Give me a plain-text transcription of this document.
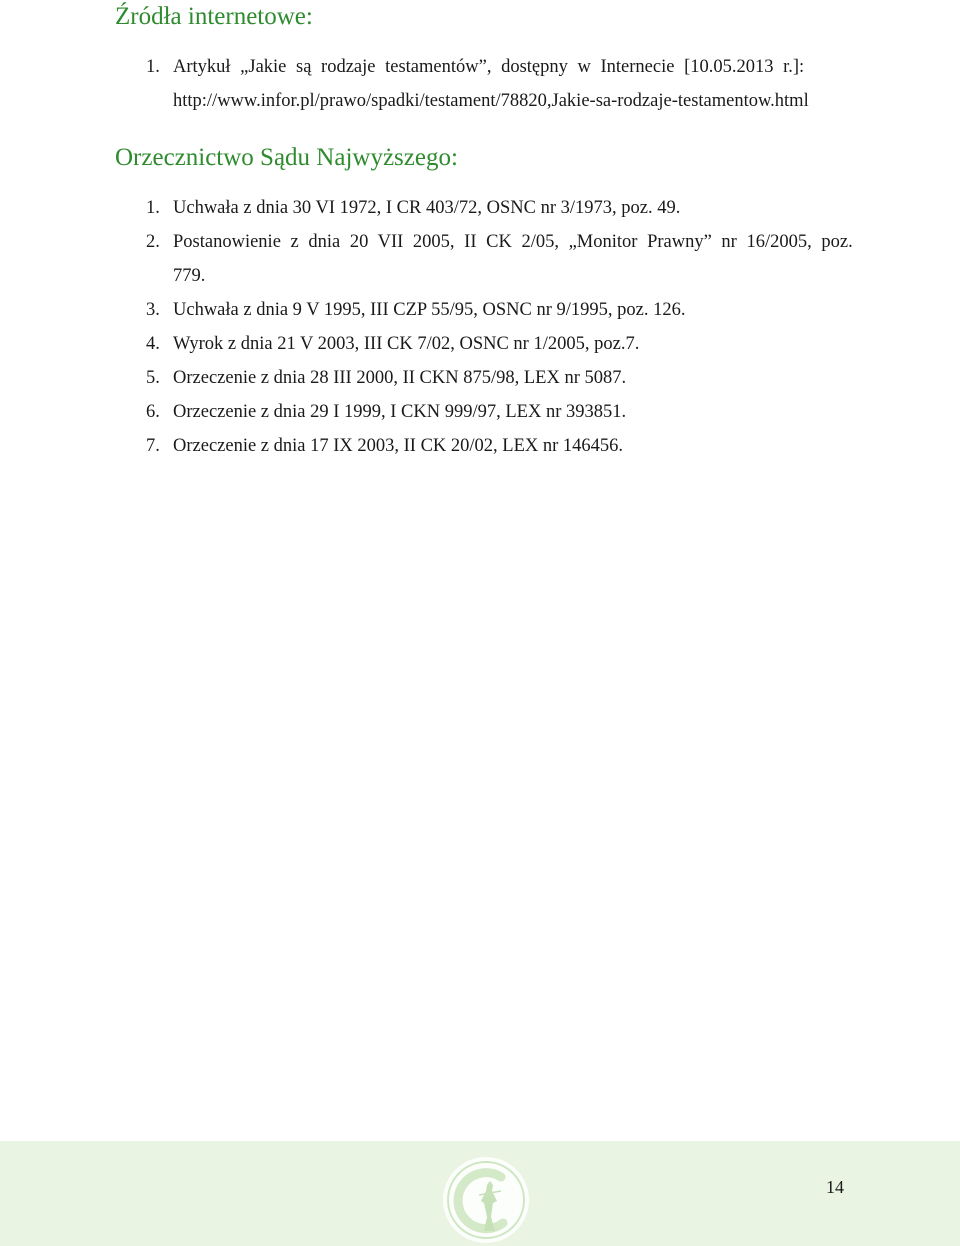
Źródła internetowe:
1. Artykuł „Jakie są rodzaje testamentów”, dostępny w Internecie [10.05.2013 r.]:
http://www.infor.pl/prawo/spadki/testament/78820,Jakie-sa-rodzaje-testamentow.html
Orzecznictwo Sądu Najwyższego:
1. Uchwała z dnia 30 VI 1972, I CR 403/72, OSNC nr 3/1973, poz. 49.
2. Postanowienie z dnia 20 VII 2005, II CK 2/05, „Monitor Prawny” nr 16/2005, poz.
779.
3. Uchwała z dnia 9 V 1995, III CZP 55/95, OSNC nr 9/1995, poz. 126.
4. Wyrok z dnia 21 V 2003, III CK 7/02, OSNC nr 1/2005, poz.7.
5. Orzeczenie z dnia 28 III 2000, II CKN 875/98, LEX nr 5087.
6. Orzeczenie z dnia 29 I 1999, I CKN 999/97, LEX nr 393851.
7. Orzeczenie z dnia 17 IX 2003, II CK 20/02, LEX nr 146456.
14
